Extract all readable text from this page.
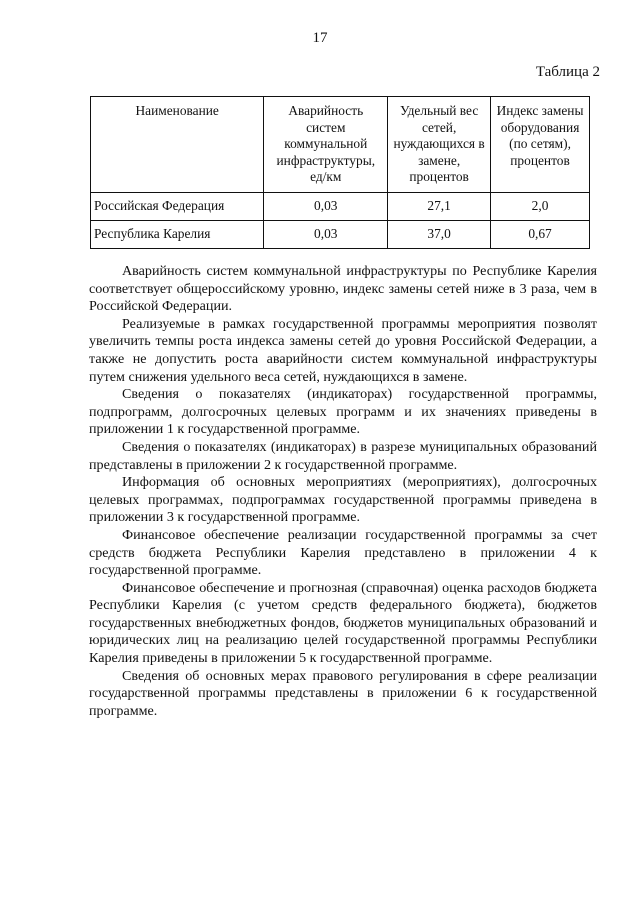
17
Таблица 2
Наименование	Аварийность систем коммунальной инфраструктуры, ед/км	Удельный вес сетей, нуждающихся в замене, процентов	Индекс замены оборудования (по сетям), процентов
Российская Федерация	0,03	27,1	2,0
Республика Карелия	0,03	37,0	0,67

Аварийность систем коммунальной инфраструктуры по Республике Карелия соответствует общероссийскому уровню, индекс замены сетей ниже в 3 раза, чем в Российской Федерации.

Реализуемые в рамках государственной программы мероприятия позволят увеличить темпы роста индекса замены сетей до уровня Российской Федерации, а также не допустить роста аварийности систем коммунальной инфраструктуры путем снижения удельного веса сетей, нуждающихся в замене.

Сведения о показателях (индикаторах) государственной программы, подпрограмм, долгосрочных целевых программ и их значениях приведены в приложении 1 к государственной программе.

Сведения о показателях (индикаторах) в разрезе муниципальных образований представлены в приложении 2 к государственной программе.

Информация об основных мероприятиях (мероприятиях), долгосрочных целевых программах, подпрограммах государственной программы приведена в приложении 3 к государственной программе.

Финансовое обеспечение реализации государственной программы за счет средств бюджета Республики Карелия представлено в приложении 4 к государственной программе.

Финансовое обеспечение и прогнозная (справочная) оценка расходов бюджета Республики Карелия (с учетом средств федерального бюджета), бюджетов государственных внебюджетных фондов, бюджетов муниципальных образований и юридических лиц на реализацию целей государственной программы Республики Карелия приведены в приложении 5 к государственной программе.

Сведения об основных мерах правового регулирования в сфере реализации государственной программы представлены в приложении 6 к государственной программе.
